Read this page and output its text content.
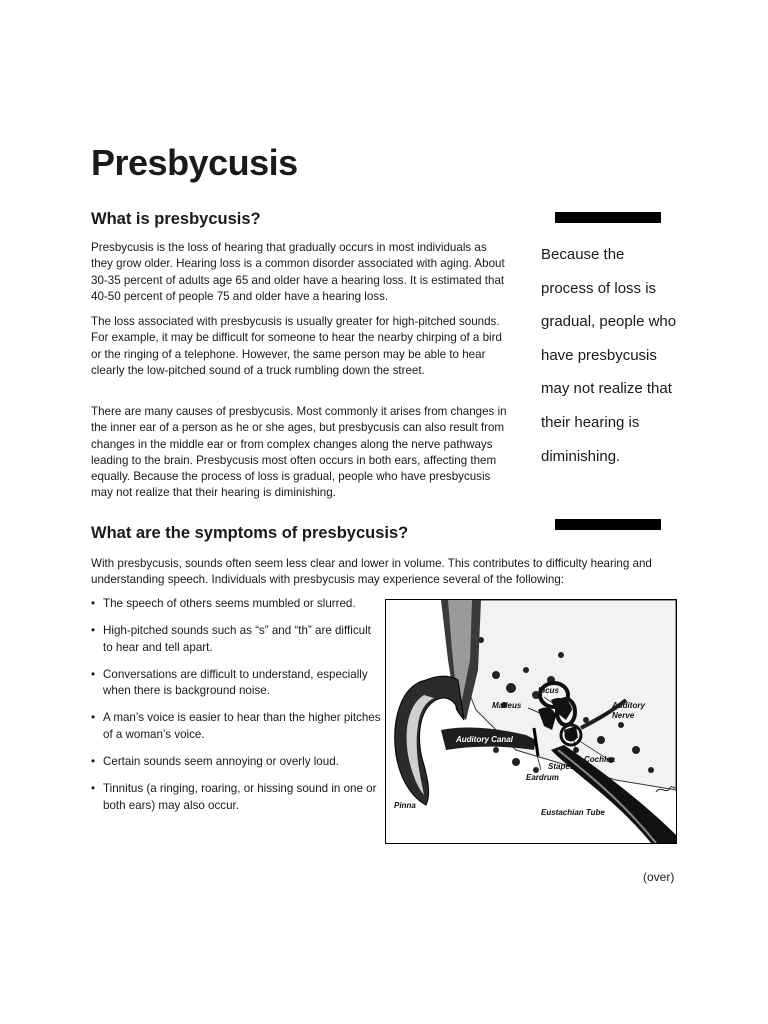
Presbycusis
What is presbycusis?

Presbycusis is the loss of hearing that gradually occurs in most individuals as they grow older. Hearing loss is a common disorder associated with aging. About 30-35 percent of adults age 65 and older have a hearing loss. It is estimated that 40-50 percent of people 75 and older have a hearing loss.

The loss associated with presbycusis is usually greater for high-pitched sounds. For example, it may be difficult for someone to hear the nearby chirping of a bird or the ringing of a telephone. However, the same person may be able to hear clearly the low-pitched sound of a truck rumbling down the street.

There are many causes of presbycusis. Most commonly it arises from changes in the inner ear of a person as he or she ages, but presbycusis can also result from changes in the middle ear or from complex changes along the nerve pathways leading to the brain. Presbycusis most often occurs in both ears, affecting them equally. Because the process of loss is gradual, people who have presbycusis may not realize that their hearing is diminishing.

Because the process of loss is gradual, people who have presbycusis may not realize that their hearing is diminishing.

What are the symptoms of presbycusis?

With presbycusis, sounds often seem less clear and lower in volume. This contributes to difficulty hearing and understanding speech. Individuals with presbycusis may experience several of the following:

• The speech of others seems mumbled or slurred.
• High-pitched sounds such as “s” and “th” are difficult to hear and tell apart.
• Conversations are difficult to understand, especially when there is background noise.
• A man’s voice is easier to hear than the higher pitches of a woman’s voice.
• Certain sounds seem annoying or overly loud.
• Tinnitus (a ringing, roaring, or hissing sound in one or both ears) may also occur.
Incus
Malleus	Auditory
Nerve
Auditory Canal
Cochlea
Stapes
Eardrum
Pinna
Eustachian Tube

(over)
